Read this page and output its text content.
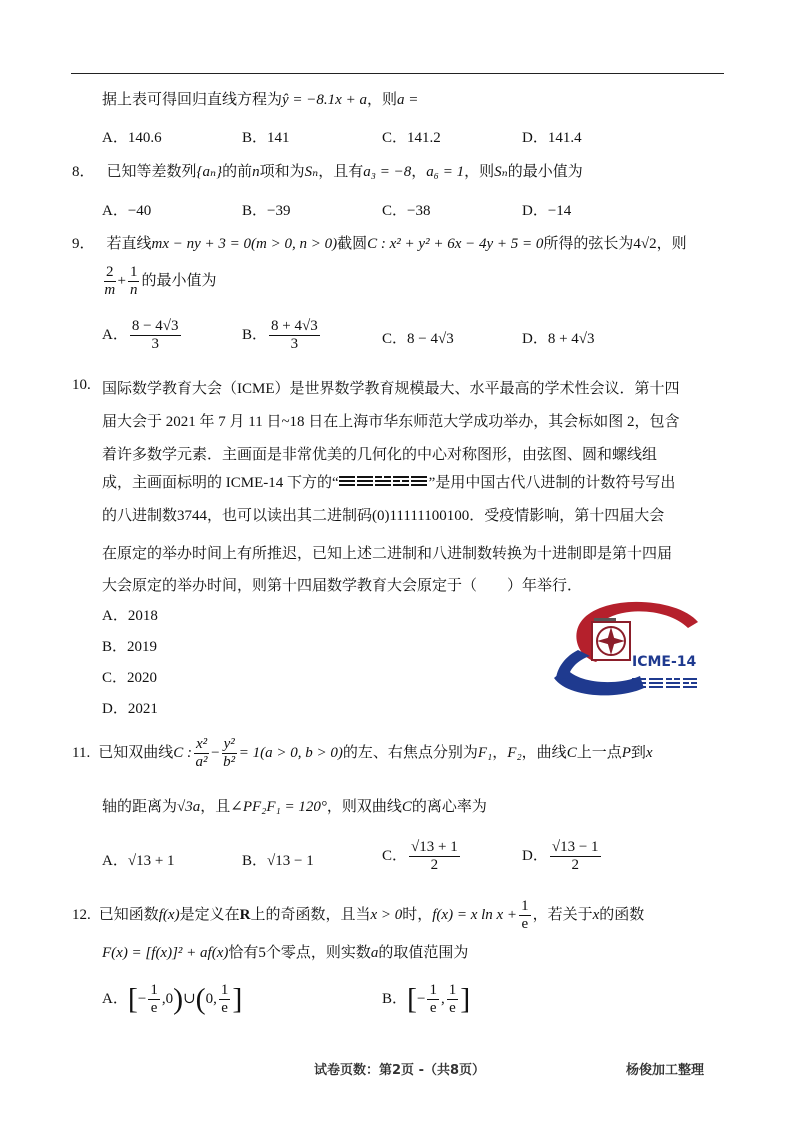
据上表可得回归直线方程为ŷ = −8.1x + a，则a =
A．140.6	B．141	C．141.2	D．141.4
8． 已知等差数列{aₙ}的前n项和为Sₙ，且有a₃ = −8，a₆ = 1，则Sₙ的最小值为
A．−40	B．−39	C．−38	D．−14
9． 若直线mx − ny + 3 = 0(m > 0, n > 0)截圆C : x² + y² + 6x − 4y + 5 = 0所得的弦长为4√2，则
$\frac{2}{m} + \frac{1}{n}$ 的最小值为
A． $\frac{8 - 4√3}{3}$	B． $\frac{8 + 4√3}{3}$	C．8 − 4√3	D．8 + 4√3
10. 国际数学教育大会（ICME）是世界数学教育规模最大、水平最高的学术性会议．第十四
届大会于 2021 年 7 月 11 日~18 日在上海市华东师范大学成功举办，其会标如图 2，包含
着许多数学元素．主画面是非常优美的几何化的中心对称图形，由弦图、圆和螺线组
成，主画面标明的 ICME-14 下方的“	”是用中国古代八进制的计数符号写出
的八进制数3744，也可以读出其二进制码(0)11111100100．受疫情影响，第十四届大会
在原定的举办时间上有所推迟，已知上述二进制和八进制数转换为十进制即是第十四届
大会原定的举办时间，则第十四届数学教育大会原定于（　　）年举行．
A．2018
B．2019
C．2020
D．2021
ICME-14
11. 已知双曲线C : $\frac{\text{x²}}{\text{a²}} - \frac{\text{y²}}{\text{b²}} = 1(a > 0$, b > 0)的左、右焦点分别为F₁，F₂，曲线C上一点P到x
轴的距离为√3a，且∠PF₂F₁ = 120°，则双曲线C的离心率为
A．√13 + 1	B．√13 − 1	C． $\frac{√13 + 1}{2}$	D． $\frac{√13 - 1}{2}$
12. 已知函数f(x)是定义在R上的奇函数，且当x > 0时，f(x) = x $\ln x + \frac{1}{e}$ ，若关于x的函数
F(x) = [f(x)]² + af(x)恰有5个零点，则实数a的取值范围为
A．[− $\frac{1}{e}$ ,0)∪(0, $\frac{1}{e}$ ]	B．[− $\frac{1}{e}$ , $\frac{1}{e}$ ]
试卷页数：第2页 -（共8页）	杨俊加工整理
